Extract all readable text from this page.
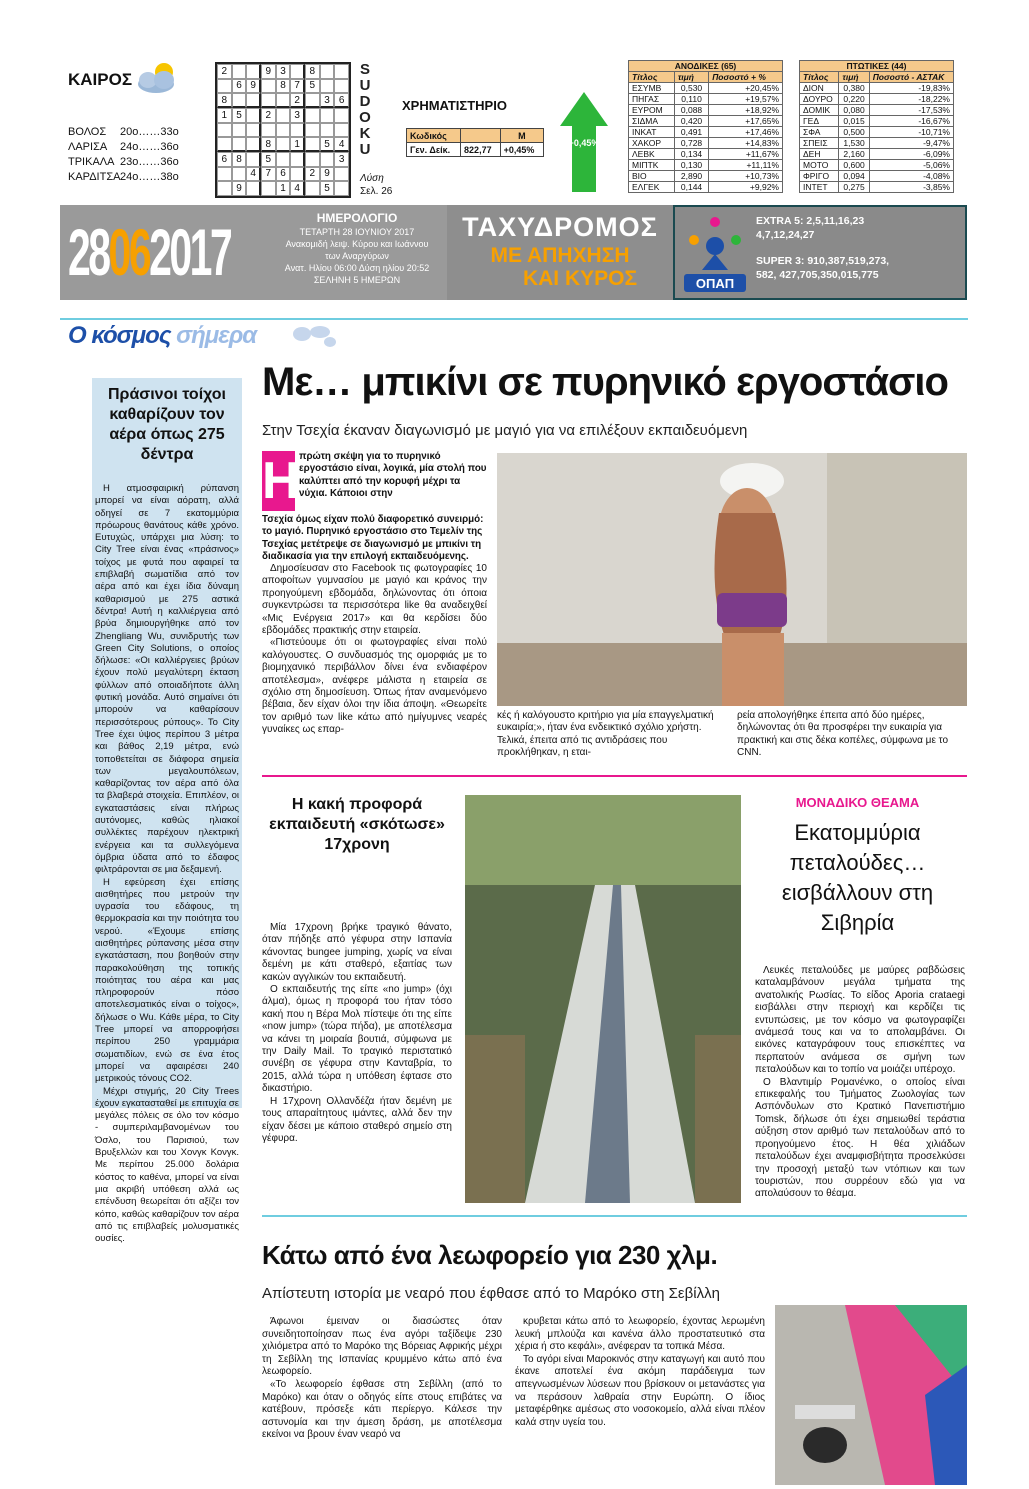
ΚΑΙΡΟΣ
ΒΟΛΟΣ	20ο……33ο
ΛΑΡΙΣΑ	24ο……36ο
ΤΡΙΚΑΛΑ 23ο……36ο
ΚΑΡΔΙΤΣΑ 24ο……38ο
2	9 3	8
6 9	8 7 5
8	2	3 6
1 5	2	3
8	1	5 4
6 8	5	3
4 7 6	2 9
9	1 4	5
S
U
D
O
K
U
Λύση
Σελ. 26
ΧΡΗΜΑΤΙΣΤΗΡΙΟ
Κωδικός		Μ
Γεν. Δείκ.	822,77	+0,45%
+0,45%
ΑΝΟΔΙΚΕΣ (65)		
Τίτλος	τιμή	Ποσοστό + %
ΕΣΥΜΒ	0,530	+20,45%
ΠΗΓΑΣ	0,110	+19,57%
ΕΥΡΟΜ	0,088	+18,92%
ΣΙΔΜΑ	0,420	+17,65%
ΙΝΚΑΤ	0,491	+17,46%
ΧΑΚΟΡ	0,728	+14,83%
ΛΕΒΚ	0,134	+11,67%
ΜΙΠΤΚ	0,130	+11,11%
ΒΙΟ	2,890	+10,73%
ΕΛΓΕΚ	0,144	+9,92%
ΠΤΩΤΙΚΕΣ (44)		
Τίτλος	τιμή	Ποσοστό - ΑΣΤΑΚ
ΔΙΟΝ	0,380	-19,83%
ΔΟΥΡΟ	0,220	-18,22%
ΔΟΜΙΚ	0,080	-17,53%
ΓΕΔ	0,015	-16,67%
ΣΦΑ	0,500	-10,71%
ΣΠΕΙΣ	1,530	-9,47%
ΔΕΗ	2,160	-6,09%
ΜΟΤΟ	0,600	-5,06%
ΦΡΙΓΟ	0,094	-4,08%
ΙΝΤΕΤ	0,275	-3,85%
28062017	ΗΜΕΡΟΛΟΓΙΟ
ΤΕΤΑΡΤΗ 28 ΙΟΥΝΙΟΥ 2017
Ανακομιδή λειψ. Κύρου και Ιωάννου
των Αναργύρων
Ανατ. Ηλίου 06:00 Δύση ηλίου 20:52
ΣΕΛΗΝΗ 5 ΗΜΕΡΩΝ
ΤΑΧΥΔΡΟΜΟΣ
ΜΕ ΑΠΗΧΗΣΗ
ΚΑΙ ΚΥΡΟΣ	ΟΠΑΠ
EXTRA 5: 2,5,11,16,23
4,7,12,24,27
SUPER 3: 910,387,519,273,
582, 427,705,350,015,775
Ο κόσμος σήμερα
Πράσινοι τοίχοι καθαρίζουν τον αέρα όπως 275 δέντρα

Η ατμοσφαιρική ρύπανση μπορεί να είναι αόρατη, αλλά οδηγεί σε 7 εκατομμύρια πρόωρους θανάτους κάθε χρόνο. Ευτυχώς, υπάρχει μια λύση: το City Tree είναι ένας «πράσινος» τοίχος με φυτά που αφαιρεί τα επιβλαβή σωματίδια από τον αέρα από και έχει ίδια δύναμη καθαρισμού με 275 αστικά δέντρα! Αυτή η καλλιέργεια από βρύα δημιουργήθηκε από τον Zhengliang Wu, συνιδρυτής των Green City Solutions, ο οποίος δήλωσε: «Οι καλλιέργειες βρύων έχουν πολύ μεγαλύτερη έκταση φύλλων από οποιαδήποτε άλλη φυτική μονάδα. Αυτό σημαίνει ότι μπορούν να καθαρίσουν περισσότερους ρύπους». Το City Tree έχει ύψος περίπου 3 μέτρα και βάθος 2,19 μέτρα, ενώ τοποθετείται σε διάφορα σημεία των μεγαλουπόλεων, καθαρίζοντας τον αέρα από όλα τα βλαβερά στοιχεία. Επιπλέον, οι εγκαταστάσεις είναι πλήρως αυτόνομες, καθώς ηλιακοί συλλέκτες παρέχουν ηλεκτρική ενέργεια και τα συλλεγόμενα όμβρια ύδατα από το έδαφος φιλτράρονται σε μια δεξαμενή.

Η εφεύρεση έχει επίσης αισθητήρες που μετρούν την υγρασία του εδάφους, τη θερμοκρασία και την ποιότητα του νερού. «Έχουμε επίσης αισθητήρες ρύπανσης μέσα στην εγκατάσταση, που βοηθούν στην παρακολούθηση της τοπικής ποιότητας του αέρα και μας πληροφορούν πόσο αποτελεσματικός είναι ο τοίχος», δήλωσε ο Wu. Κάθε μέρα, το City Tree μπορεί να απορροφήσει περίπου 250 γραμμάρια σωματιδίων, ενώ σε ένα έτος μπορεί να αφαιρέσει 240 μετρικούς τόνους CO2.

Μέχρι στιγμής, 20 City Trees έχουν εγκατασταθεί με επιτυχία σε μεγάλες πόλεις σε όλο τον κόσμο - συμπεριλαμβανομένων του Όσλο, του Παρισιού, των Βρυξελλών και του Χονγκ Κονγκ. Με περίπου 25.000 δολάρια κόστος το καθένα, μπορεί να είναι μια ακριβή υπόθεση αλλά ως επένδυση θεωρείται ότι αξίζει τον κόπο, καθώς καθαρίζουν τον αέρα από τις επιβλαβείς μολυσματικές ουσίες.

Με… μπικίνι σε πυρηνικό εργοστάσιο
Στην Τσεχία έκαναν διαγωνισμό με μαγιό για να επιλέξουν εκπαιδευόμενη
Η πρώτη σκέψη για το πυρηνικό εργοστάσιο είναι, λογικά, μία στολή που καλύπτει από την κορυφή μέχρι τα νύχια. Κάποιοι στην
Τσεχία όμως είχαν πολύ διαφορετικό συνειρμό: το μαγιό. Πυρηνικό εργοστάσιο στο Τεμελίν της Τσεχίας μετέτρεψε σε διαγωνισμό με μπικίνι τη διαδικασία για την επιλογή εκπαιδευόμενης.

Δημοσίευσαν στο Facebook τις φωτογραφίες 10 αποφοίτων γυμνασίου με μαγιό και κράνος την προηγούμενη εβδομάδα, δηλώνοντας ότι όποια συγκεντρώσει τα περισσότερα like θα αναδειχθεί «Μις Ενέργεια 2017» και θα κερδίσει δύο εβδομάδες πρακτικής στην εταιρεία.

«Πιστεύουμε ότι οι φωτογραφίες είναι πολύ καλόγουστες. Ο συνδυασμός της ομορφιάς με το βιομηχανικό περιβάλλον δίνει ένα ενδιαφέρον αποτέλεσμα», ανέφερε μάλιστα η εταιρεία σε σχόλιο στη δημοσίευση. Όπως ήταν αναμενόμενο βέβαια, δεν είχαν όλοι την ίδια άποψη. «Θεωρείτε τον αριθμό των like κάτω από ημίγυμνες νεαρές γυναίκες ως επαρ-

κές ή καλόγουστο κριτήριο για μία επαγγελματική ευκαιρία;», ήταν ένα ενδεικτικό σχόλιο χρήστη. Τελικά, έπειτα από τις αντιδράσεις που προκλήθηκαν, η εται-
ρεία απολογήθηκε έπειτα από δύο ημέρες, δηλώνοντας ότι θα προσφέρει την ευκαιρία για πρακτική και στις δέκα κοπέλες, σύμφωνα με το CNN.
Η κακή προφορά εκπαιδευτή «σκότωσε» 17χρονη

Μία 17χρονη βρήκε τραγικό θάνατο, όταν πήδηξε από γέφυρα στην Ισπανία κάνοντας bungee jumping, χωρίς να είναι δεμένη με κάτι σταθερό, εξαιτίας των κακών αγγλικών του εκπαιδευτή.

Ο εκπαιδευτής της είπε «no jump» (όχι άλμα), όμως η προφορά του ήταν τόσο κακή που η Βέρα Μολ πίστεψε ότι της είπε «now jump» (τώρα πήδα), με αποτέλεσμα να κάνει τη μοιραία βουτιά, σύμφωνα με την Daily Mail. Το τραγικό περιστατικό συνέβη σε γέφυρα στην Κανταβρία, το 2015, αλλά τώρα η υπόθεση έφτασε στο δικαστήριο.

Η 17χρονη Ολλανδέζα ήταν δεμένη με τους απαραίτητους ιμάντες, αλλά δεν την είχαν δέσει με κάποιο σταθερό σημείο στη γέφυρα.

ΜΟΝΑΔΙΚΟ ΘΕΑΜΑ
Εκατομμύρια πεταλούδες… εισβάλλουν στη Σιβηρία

Λευκές πεταλούδες με μαύρες ραβδώσεις καταλαμβάνουν μεγάλα τμήματα της ανατολικής Ρωσίας. Το είδος Aporia crataegi εισβάλλει στην περιοχή και κερδίζει τις εντυπώσεις, με τον κόσμο να φωτογραφίζει ανάμεσά τους και να το απολαμβάνει. Οι εικόνες καταγράφουν τους επισκέπτες να περπατούν ανάμεσα σε σμήνη των πεταλούδων και το τοπίο να μοιάζει υπέροχο.

Ο Βλαντιμίρ Ρομανένκο, ο οποίος είναι επικεφαλής του Τμήματος Ζωολογίας των Ασπόνδυλων στο Κρατικό Πανεπιστήμιο Tomsk, δήλωσε ότι έχει σημειωθεί τεράστια αύξηση στον αριθμό των πεταλούδων από το προηγούμενο έτος. Η θέα χιλιάδων πεταλούδων έχει αναμφισβήτητα προσελκύσει την προσοχή μεταξύ των ντόπιων και των τουριστών, που συρρέουν εδώ για να απολαύσουν το θέαμα.

Κάτω από ένα λεωφορείο για 230 χλμ.
Απίστευτη ιστορία με νεαρό που έφθασε από το Μαρόκο στη Σεβίλλη

Άφωνοι έμειναν οι διασώστες όταν συνειδητοποίησαν πως ένα αγόρι ταξίδεψε 230 χιλιόμετρα από το Μαρόκο της Βόρειας Αφρικής μέχρι τη Σεβίλλη της Ισπανίας κρυμμένο κάτω από ένα λεωφορείο.

«Το λεωφορείο έφθασε στη Σεβίλλη (από το Μαρόκο) και όταν ο οδηγός είπε στους επιβάτες να κατέβουν, πρόσεξε κάτι περίεργο. Κάλεσε την αστυνομία και την άμεση δράση, με αποτέλεσμα εκείνοι να βρουν έναν νεαρό να

κρυβεται κάτω από το λεωφορείο, έχοντας λερωμένη λευκή μπλούζα και κανένα άλλο προστατευτικό στα χέρια ή στο κεφάλι», ανέφεραν τα τοπικά Μέσα.

Το αγόρι είναι Μαροκινός στην καταγωγή και αυτό που έκανε αποτελεί ένα ακόμη παράδειγμα των απεγνωσμένων λύσεων που βρίσκουν οι μετανάστες για να περάσουν λαθραία στην Ευρώπη. Ο ίδιος μεταφέρθηκε αμέσως στο νοσοκομείο, αλλά είναι πλέον καλά στην υγεία του.
